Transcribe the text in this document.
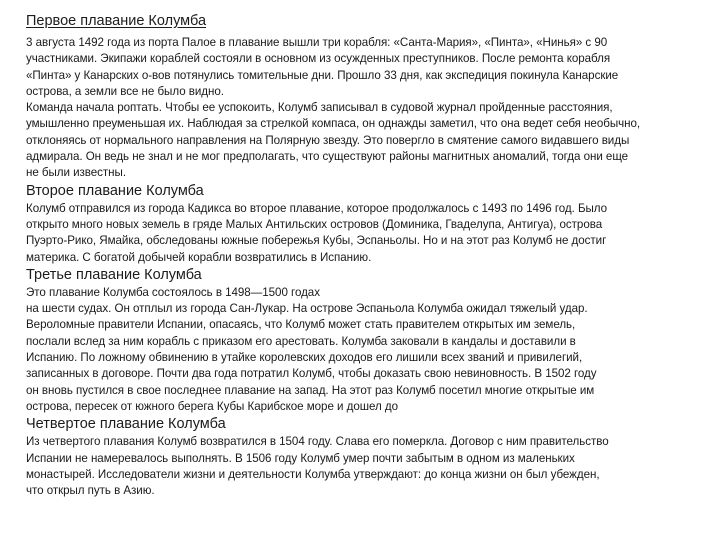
Первое плавание Колумба

3 августа 1492 года из порта Палое в плавание вышли три корабля: «Санта-Мария», «Пинта», «Нинья» с 90

участниками. Экипажи кораблей состояли в основном из осужденных преступников. После ремонта корабля

«Пинта» у Канарских о-вов потянулись томительные дни. Прошло 33 дня, как экспедиция покинула Канарские

острова, а земли все не было видно.

Команда начала роптать. Чтобы ее успокоить, Колумб записывал в судовой журнал пройденные расстояния,

умышленно преуменьшая их. Наблюдая за стрелкой компаса, он однажды заметил, что она ведет себя необычно,

отклоняясь от нормального направления на Полярную звезду. Это повергло в смятение самого видавшего виды

адмирала. Он ведь не знал и не мог предполагать, что существуют районы магнитных аномалий, тогда они еще

не были известны.

Второе плавание Колумба

Колумб отправился из города Кадикса во второе плавание, которое продолжалось с 1493 по 1496 год. Было

открыто много новых земель в гряде Малых Антильских островов (Доминика, Гваделупа, Антигуа), острова

Пуэрто-Рико, Ямайка, обследованы южные побережья Кубы, Эспаньолы. Но и на этот раз Колумб не достиг

материка. С богатой добычей корабли возвратились в Испанию.

Третье плавание Колумба

Это плавание Колумба состоялось в 1498—1500 годах

на шести судах. Он отплыл из города Сан-Лукар. На острове Эспаньола Колумба ожидал тяжелый удар.

Вероломные правители Испании, опасаясь, что Колумб может стать правителем открытых им земель,

послали вслед за ним корабль с приказом его арестовать. Колумба заковали в кандалы и доставили в

Испанию. По ложному обвинению в утайке королевских доходов его лишили всех званий и привилегий,

записанных в договоре. Почти два года потратил Колумб, чтобы доказать свою невиновность. В 1502 году

он вновь пустился в свое последнее плавание на запад. На этот раз Колумб посетил многие открытые им

острова, пересек от южного берега Кубы Карибское море и дошел до

Четвертое плавание Колумба

Из четвертого плавания Колумб возвратился в 1504 году. Слава его померкла. Договор с ним правительство

Испании не намеревалось выполнять. В 1506 году Колумб умер почти забытым в одном из маленьких

монастырей. Исследователи жизни и деятельности Колумба утверждают: до конца жизни он был убежден,

что открыл путь в Азию.
